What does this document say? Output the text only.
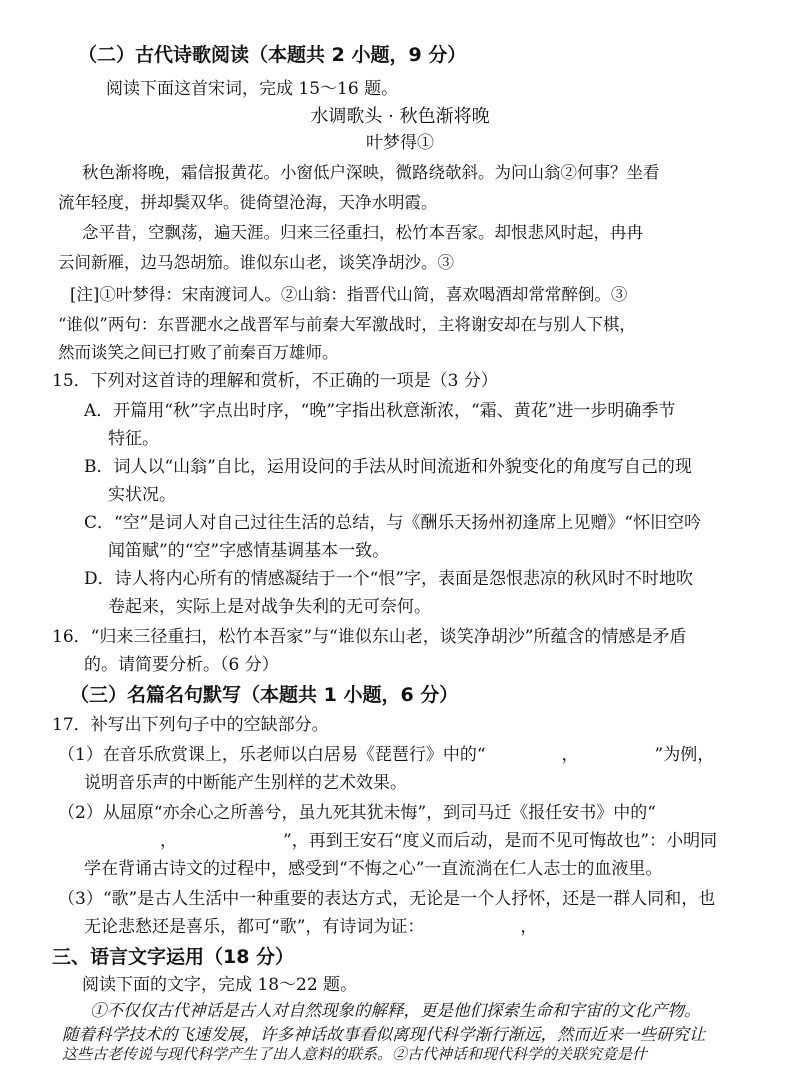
（二）古代诗歌阅读（本题共 2 小题，9 分）
阅读下面这首宋词，完成 15～16 题。
水调歌头 · 秋色渐将晚
叶梦得①
秋色渐将晚，霜信报黄花。小窗低户深映，微路绕欹斜。为问山翁②何事？坐看
流年轻度，拼却鬓双华。徙倚望沧海，天净水明霞。
念平昔，空飘荡，遍天涯。归来三径重扫，松竹本吾家。却恨悲风时起，冉冉
云间新雁，边马怨胡笳。谁似东山老，谈笑净胡沙。③
[注]①叶梦得：宋南渡词人。②山翁：指晋代山简，喜欢喝酒却常常醉倒。③
“谁似”两句：东晋淝水之战晋军与前秦大军激战时，主将谢安却在与别人下棋，
然而谈笑之间已打败了前秦百万雄师。
15．下列对这首诗的理解和赏析，不正确的一项是（3 分）
A．开篇用“秋”字点出时序，“晚”字指出秋意渐浓，“霜、黄花”进一步明确季节
特征。
B．词人以“山翁”自比，运用设问的手法从时间流逝和外貌变化的角度写自己的现
实状况。
C．“空”是词人对自己过往生活的总结，与《酬乐天扬州初逢席上见赠》“怀旧空吟
闻笛赋”的“空”字感情基调基本一致。
D．诗人将内心所有的情感凝结于一个“恨”字，表面是怨恨悲凉的秋风时不时地吹
卷起来，实际上是对战争失利的无可奈何。
16．“归来三径重扫，松竹本吾家”与“谁似东山老，谈笑净胡沙”所蕴含的情感是矛盾
的。请简要分析。（6 分）
（三）名篇名句默写（本题共 1 小题，6 分）
17．补写出下列句子中的空缺部分。
（1）在音乐欣赏课上，乐老师以白居易《琵琶行》中的“	，	”为例，
说明音乐声的中断能产生别样的艺术效果。
（2）从屈原“亦余心之所善兮，虽九死其犹未悔”，到司马迁《报任安书》中的“
，	”，再到王安石“度义而后动，是而不见可悔故也”：小明同
学在背诵古诗文的过程中，感受到“不悔之心”一直流淌在仁人志士的血液里。
（3）“歌”是古人生活中一种重要的表达方式，无论是一个人抒怀，还是一群人同和，也
无论悲愁还是喜乐，都可“歌”，有诗词为证：	，
三、语言文字运用（18 分）
阅读下面的文字，完成 18～22 题。
①不仅仅古代神话是古人对自然现象的解释，更是他们探索生命和宇宙的文化产物。
随着科学技术的飞速发展，许多神话故事看似离现代科学渐行渐远，然而近来一些研究让
这些古老传说与现代科学产生了出人意料的联系。②古代神话和现代科学的关联究竟是什
